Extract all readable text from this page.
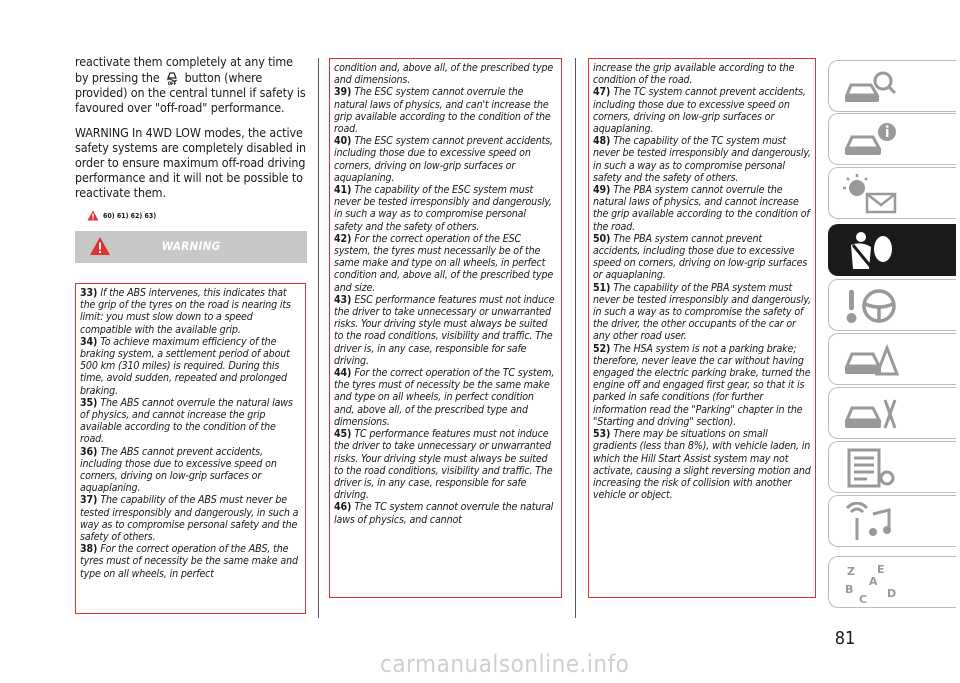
reactivate them completely at any time by pressing the OFF button (where provided) on the central tunnel if safety is favoured over "off-road" performance.

WARNING In 4WD LOW modes, the active safety systems are completely disabled in order to ensure maximum off-road driving performance and it will not be possible to reactivate them.

60) 61) 62) 63)
WARNING

33) If the ABS intervenes, this indicates that the grip of the tyres on the road is nearing its limit: you must slow down to a speed compatible with the available grip.

34) To achieve maximum efficiency of the braking system, a settlement period of about 500 km (310 miles) is required. During this time, avoid sudden, repeated and prolonged braking.

35) The ABS cannot overrule the natural laws of physics, and cannot increase the grip available according to the condition of the road.

36) The ABS cannot prevent accidents, including those due to excessive speed on corners, driving on low-grip surfaces or aquaplaning.

37) The capability of the ABS must never be tested irresponsibly and dangerously, in such a way as to compromise personal safety and the safety of others.

38) For the correct operation of the ABS, the tyres must of necessity be the same make and type on all wheels, in perfect

condition and, above all, of the prescribed type and dimensions.

39) The ESC system cannot overrule the natural laws of physics, and can't increase the grip available according to the condition of the road.

40) The ESC system cannot prevent accidents, including those due to excessive speed on corners, driving on low-grip surfaces or aquaplaning.

41) The capability of the ESC system must never be tested irresponsibly and dangerously, in such a way as to compromise personal safety and the safety of others.

42) For the correct operation of the ESC system, the tyres must necessarily be of the same make and type on all wheels, in perfect condition and, above all, of the prescribed type and size.

43) ESC performance features must not induce the driver to take unnecessary or unwarranted risks. Your driving style must always be suited to the road conditions, visibility and traffic. The driver is, in any case, responsible for safe driving.

44) For the correct operation of the TC system, the tyres must of necessity be the same make and type on all wheels, in perfect condition and, above all, of the prescribed type and dimensions.

45) TC performance features must not induce the driver to take unnecessary or unwarranted risks. Your driving style must always be suited to the road conditions, visibility and traffic. The driver is, in any case, responsible for safe driving.

46) The TC system cannot overrule the natural laws of physics, and cannot

increase the grip available according to the condition of the road.

47) The TC system cannot prevent accidents, including those due to excessive speed on corners, driving on low-grip surfaces or aquaplaning.

48) The capability of the TC system must never be tested irresponsibly and dangerously, in such a way as to compromise personal safety and the safety of others.

49) The PBA system cannot overrule the natural laws of physics, and cannot increase the grip available according to the condition of the road.

50) The PBA system cannot prevent accidents, including those due to excessive speed on corners, driving on low-grip surfaces or aquaplaning.

51) The capability of the PBA system must never be tested irresponsibly and dangerously, in such a way as to compromise the safety of the driver, the other occupants of the car or any other road user.

52) The HSA system is not a parking brake; therefore, never leave the car without having engaged the electric parking brake, turned the engine off and engaged first gear, so that it is parked in safe conditions (for further information read the "Parking" chapter in the "Starting and driving" section).

53) There may be situations on small gradients (less than 8%), with vehicle laden, in which the Hill Start Assist system may not activate, causing a slight reversing motion and increasing the risk of collision with another vehicle or object.

Z E
B
C
A
D
81
carmanualsonline.info
